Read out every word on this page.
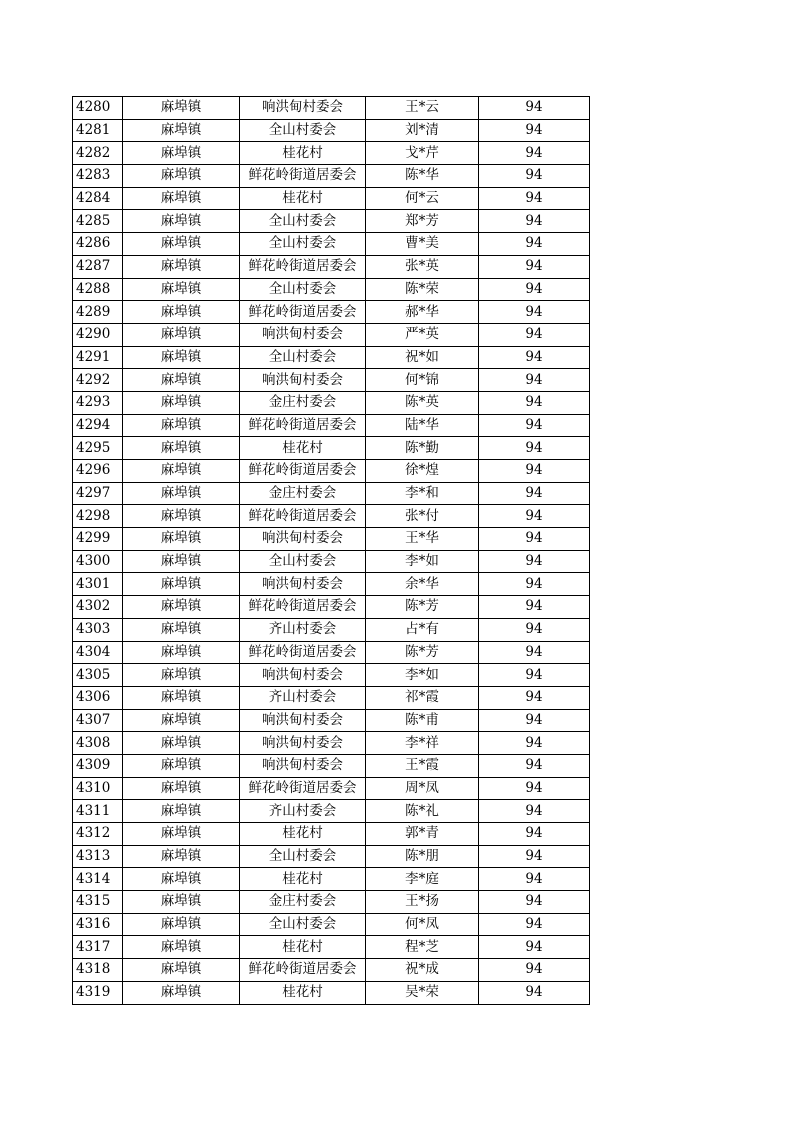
4280	麻埠镇	响洪甸村委会	王*云	94
4281	麻埠镇	全山村委会	刘*清	94
4282	麻埠镇	桂花村	戈*芹	94
4283	麻埠镇	鲜花岭街道居委会	陈*华	94
4284	麻埠镇	桂花村	何*云	94
4285	麻埠镇	全山村委会	郑*芳	94
4286	麻埠镇	全山村委会	曹*美	94
4287	麻埠镇	鲜花岭街道居委会	张*英	94
4288	麻埠镇	全山村委会	陈*荣	94
4289	麻埠镇	鲜花岭街道居委会	郝*华	94
4290	麻埠镇	响洪甸村委会	严*英	94
4291	麻埠镇	全山村委会	祝*如	94
4292	麻埠镇	响洪甸村委会	何*锦	94
4293	麻埠镇	金庄村委会	陈*英	94
4294	麻埠镇	鲜花岭街道居委会	陆*华	94
4295	麻埠镇	桂花村	陈*勤	94
4296	麻埠镇	鲜花岭街道居委会	徐*煌	94
4297	麻埠镇	金庄村委会	李*和	94
4298	麻埠镇	鲜花岭街道居委会	张*付	94
4299	麻埠镇	响洪甸村委会	王*华	94
4300	麻埠镇	全山村委会	李*如	94
4301	麻埠镇	响洪甸村委会	余*华	94
4302	麻埠镇	鲜花岭街道居委会	陈*芳	94
4303	麻埠镇	齐山村委会	占*有	94
4304	麻埠镇	鲜花岭街道居委会	陈*芳	94
4305	麻埠镇	响洪甸村委会	李*如	94
4306	麻埠镇	齐山村委会	祁*霞	94
4307	麻埠镇	响洪甸村委会	陈*甫	94
4308	麻埠镇	响洪甸村委会	李*祥	94
4309	麻埠镇	响洪甸村委会	王*霞	94
4310	麻埠镇	鲜花岭街道居委会	周*凤	94
4311	麻埠镇	齐山村委会	陈*礼	94
4312	麻埠镇	桂花村	郭*青	94
4313	麻埠镇	全山村委会	陈*朋	94
4314	麻埠镇	桂花村	李*庭	94
4315	麻埠镇	金庄村委会	王*扬	94
4316	麻埠镇	全山村委会	何*凤	94
4317	麻埠镇	桂花村	程*芝	94
4318	麻埠镇	鲜花岭街道居委会	祝*成	94
4319	麻埠镇	桂花村	吴*荣	94
